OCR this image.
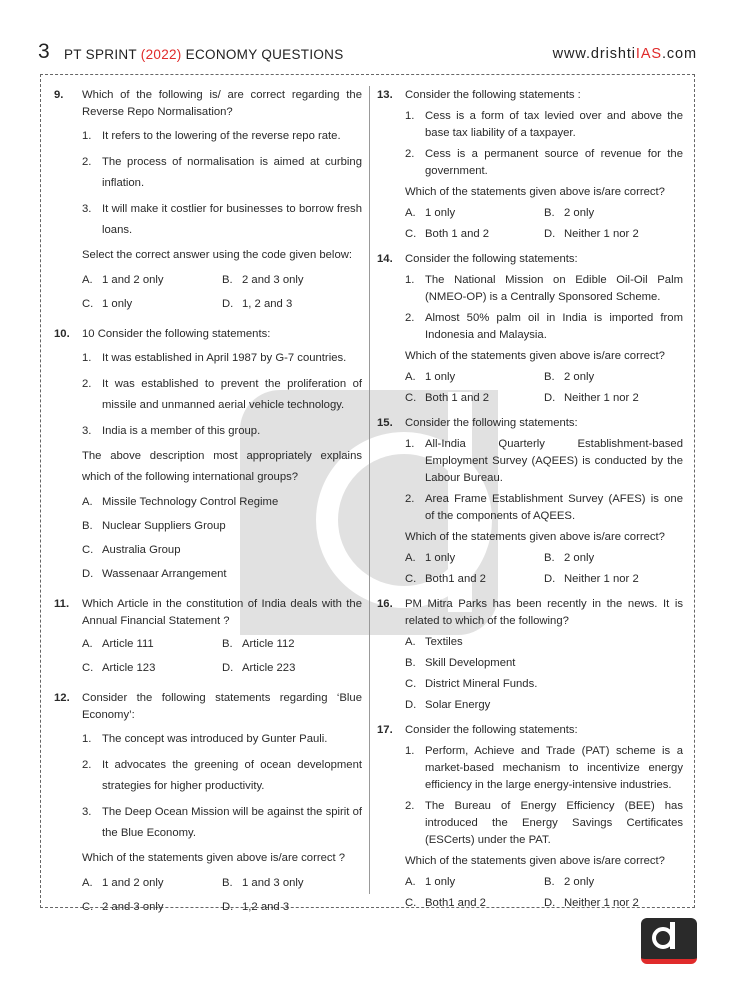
3 PT SPRINT (2022) ECONOMY QUESTIONS	www.drishtiIAS.com
9.	Which of the following is/ are correct regarding the Reverse Repo Normalisation?
1. It refers to the lowering of the reverse repo rate.
2. The process of normalisation is aimed at curbing inflation.
3. It will make it costlier for businesses to borrow fresh loans.
Select the correct answer using the code given below:
A. 1 and 2 only	B. 2 and 3 only
C. 1 only	D. 1, 2 and 3
10.	10 Consider the following statements:
1. It was established in April 1987 by G-7 countries.
2. It was established to prevent the proliferation of missile and unmanned aerial vehicle technology.
3. India is a member of this group.
The above description most appropriately explains which of the following international groups?
A. Missile Technology Control Regime
B. Nuclear Suppliers Group
C. Australia Group
D. Wassenaar Arrangement
11.	Which Article in the constitution of India deals with the Annual Financial Statement ?
A. Article 111	B. Article 112
C. Article 123	D. Article 223
12.	Consider the following statements regarding ‘Blue Economy’:
1. The concept was introduced by Gunter Pauli.
2. It advocates the greening of ocean development strategies for higher productivity.
3. The Deep Ocean Mission will be against the spirit of the Blue Economy.
Which of the statements given above is/are correct ?
A. 1 and 2 only	B. 1 and 3 only
C. 2 and 3 only	D. 1,2 and 3
13.	Consider the following statements :
1. Cess is a form of tax levied over and above the base tax liability of a taxpayer.
2. Cess is a permanent source of revenue for the government.
Which of the statements given above is/are correct?
A. 1 only	B. 2 only
C. Both 1 and 2	D. Neither 1 nor 2
14.	Consider the following statements:
1. The National Mission on Edible Oil-Oil Palm (NMEO-OP) is a Centrally Sponsored Scheme.
2. Almost 50% palm oil in India is imported from Indonesia and Malaysia.
Which of the statements given above is/are correct?
A. 1 only	B. 2 only
C. Both 1 and 2	D. Neither 1 nor 2
15.	Consider the following statements:
1. All-India Quarterly Establishment-based Employment Survey (AQEES) is conducted by the Labour Bureau.
2. Area Frame Establishment Survey (AFES) is one of the components of AQEES.
Which of the statements given above is/are correct?
A. 1 only	B. 2 only
C. Both1 and 2	D. Neither 1 nor 2
16.	PM Mitra Parks has been recently in the news. It is related to which of the following?
A. Textiles
B. Skill Development
C. District Mineral Funds.
D. Solar Energy
17.	Consider the following statements:
1. Perform, Achieve and Trade (PAT) scheme is a market-based mechanism to incentivize energy efficiency in the large energy-intensive industries.
2. The Bureau of Energy Efficiency (BEE) has introduced the Energy Savings Certificates (ESCerts) under the PAT.
Which of the statements given above is/are correct?
A. 1 only	B. 2 only
C. Both1 and 2	D. Neither 1 nor 2
